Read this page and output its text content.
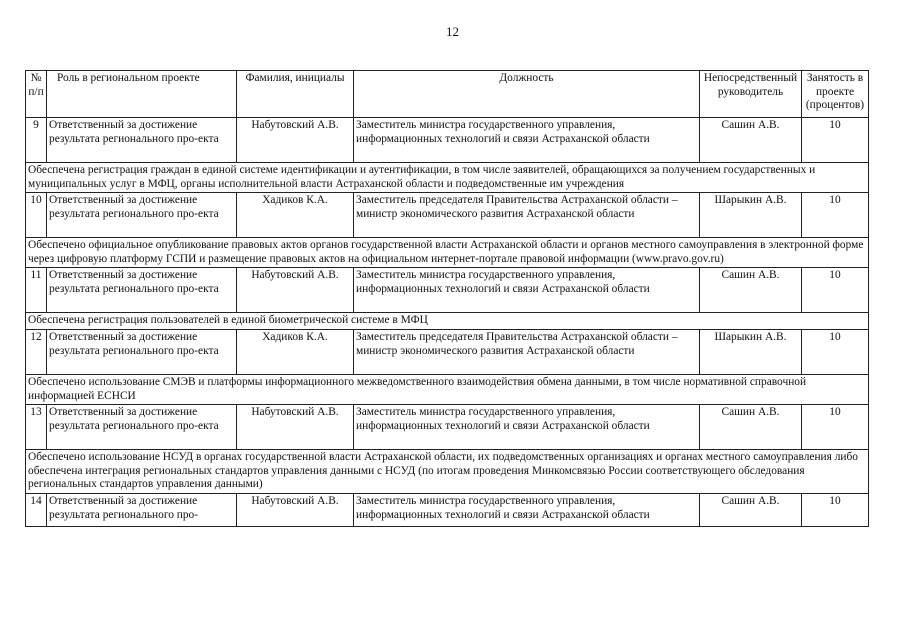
12
№ п/п	Роль в региональном проекте	Фамилия, инициалы	Должность	Непосредственный руководитель	Занятость в проекте (процентов)
9	Ответственный за достижение результата регионального про-екта	Набутовский А.В.	Заместитель министра государственного управления, информационных технологий и связи Астраханской области	Сашин А.В.	10
Обеспечена регистрация граждан в единой системе идентификации и аутентификации, в том числе заявителей, обращающихся за получением государственных и муниципальных услуг в МФЦ, органы исполнительной власти Астраханской области и подведомственные им учреждения					
10	Ответственный за достижение результата регионального про-екта	Хадиков К.А.	Заместитель председателя Правительства Астраханской области – министр экономического развития Астраханской области	Шарыкин А.В.	10
Обеспечено официальное опубликование правовых актов органов государственной власти Астраханской области и органов местного самоуправления в электронной форме через цифровую платформу ГСПИ и размещение правовых актов на официальном интернет-портале правовой информации (www.pravo.gov.ru)					
11	Ответственный за достижение результата регионального про-екта	Набутовский А.В.	Заместитель министра государственного управления, информационных технологий и связи Астраханской области	Сашин А.В.	10
Обеспечена регистрация пользователей в единой биометрической системе в МФЦ					
12	Ответственный за достижение результата регионального про-екта	Хадиков К.А.	Заместитель председателя Правительства Астраханской области – министр экономического развития Астраханской области	Шарыкин А.В.	10
Обеспечено использование СМЭВ и платформы информационного межведомственного взаимодействия обмена данными, в том числе нормативной справочной информацией ЕСНСИ					
13	Ответственный за достижение результата регионального про-екта	Набутовский А.В.	Заместитель министра государственного управления, информационных технологий и связи Астраханской области	Сашин А.В.	10
Обеспечено использование НСУД в органах государственной власти Астраханской области, их подведомственных организациях и органах местного самоуправления либо обеспечена интеграция региональных стандартов управления данными с НСУД (по итогам проведения Минкомсвязью России соответствующего обследования региональных стандартов управления данными)					
14	Ответственный за достижение результата регионального про-	Набутовский А.В.	Заместитель министра государственного управления, информационных технологий и связи Астраханской области	Сашин А.В.	10
